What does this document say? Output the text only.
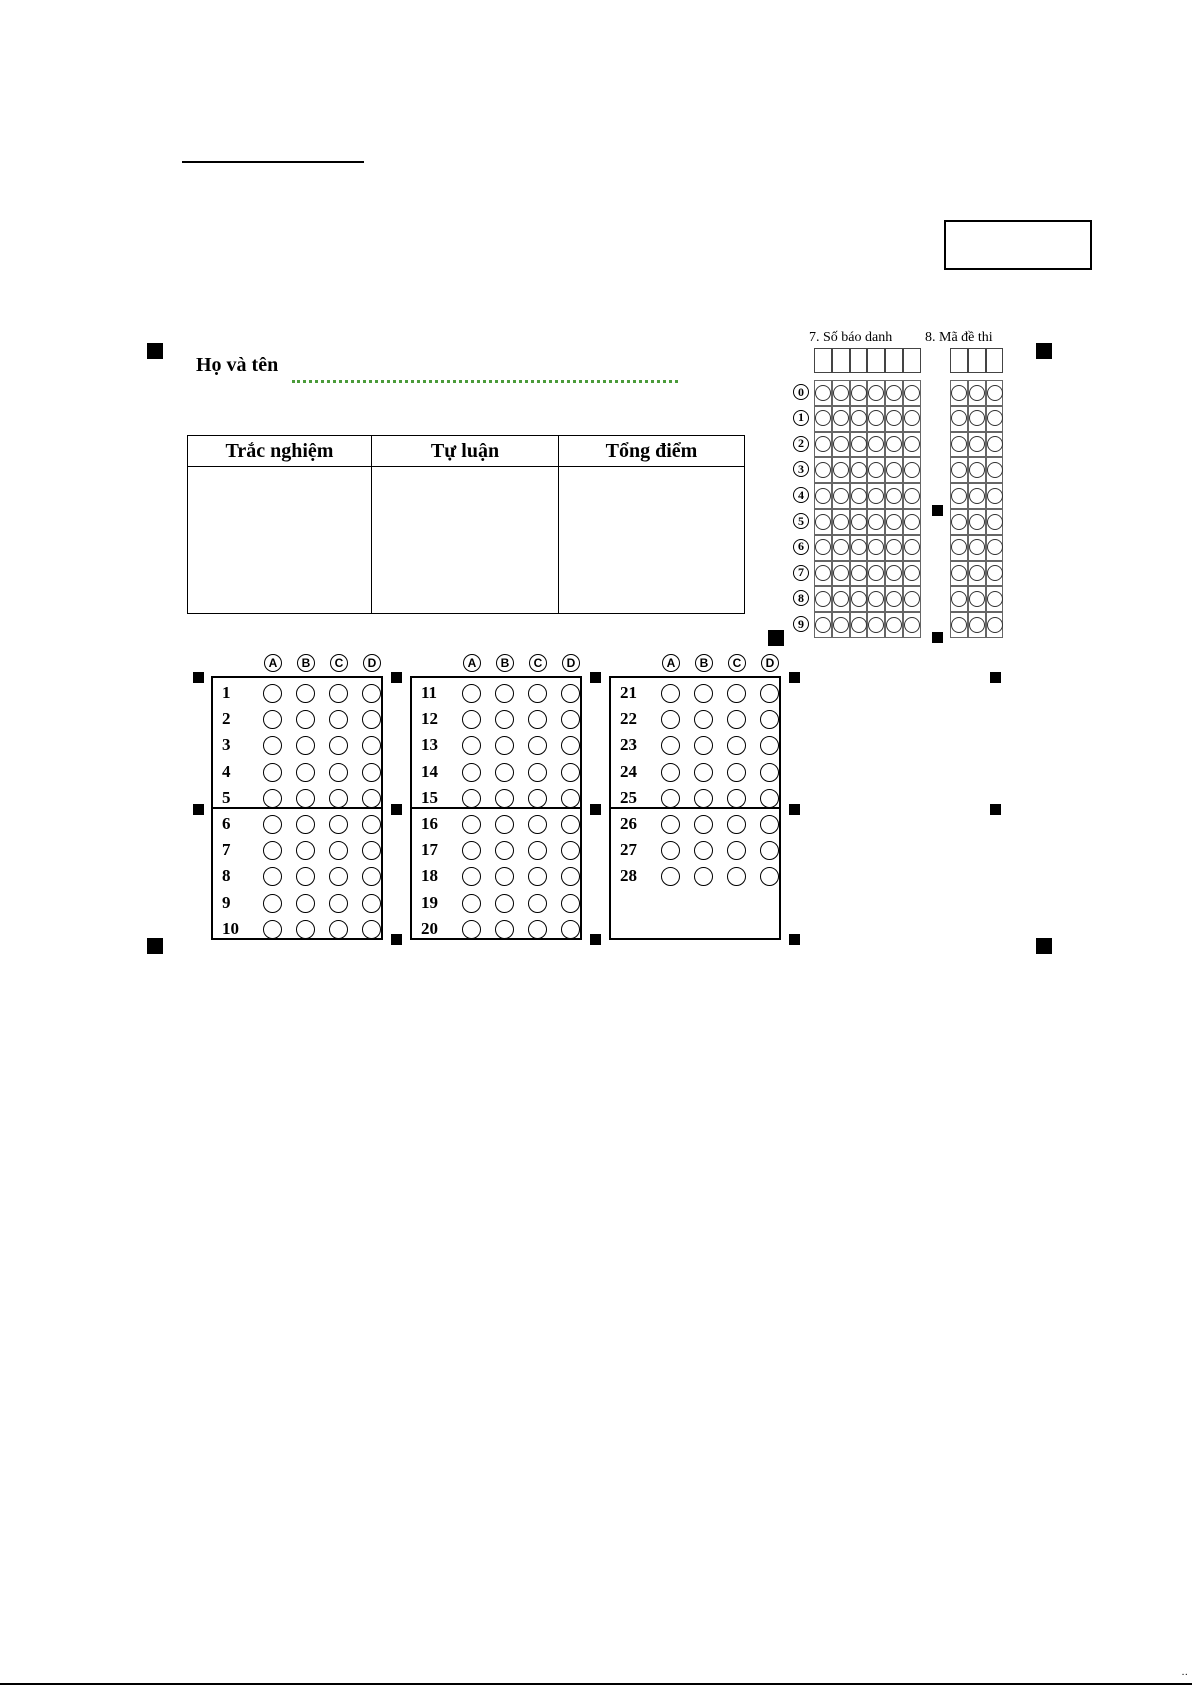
Họ và tên
Trắc nghiệm	Tự luận	Tổng điểm

7. Số báo danh 8. Mã đề thi
0
1
2
3
4
5
6
7
8
9
A	B	C	D
1
2
3
4
5
6
7
8
9
10
A	B	C	D
11
12
13
14
15
16
17
18
19
20
A	B	C	D
21
22
23
24
25
26
27
28
··
